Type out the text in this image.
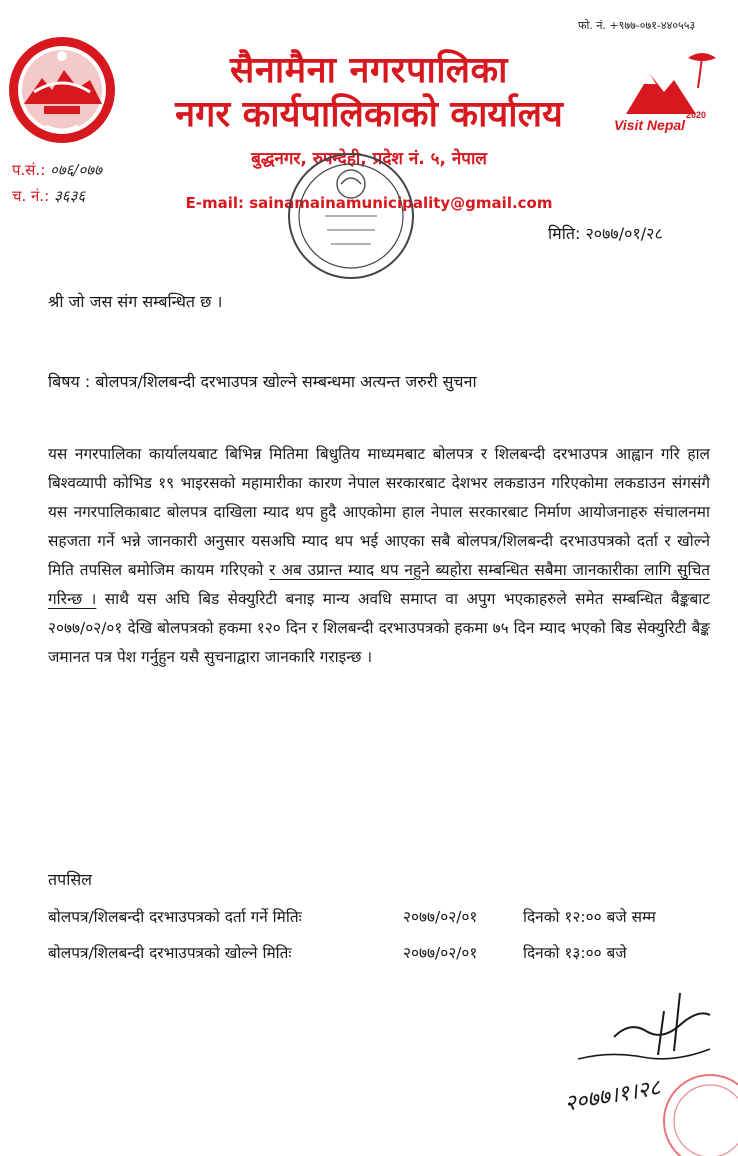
फो. नं. +९७७-०७१-४४०५५३
Visit Nepal
2020
सैनामैना नगरपालिका
नगर कार्यपालिकाको कार्यालय
बुद्धनगर, रुपन्देही, प्रदेश नं. ५, नेपाल
E-mail: sainamainamunicipality@gmail.com
प.सं.: ०७६/०७७
च. नं.: ३६३६
मिति: २०७७/०१/२८
श्री जो जस संग सम्बन्धित छ ।
बिषय : बोलपत्र/शिलबन्दी दरभाउपत्र खोल्ने सम्बन्धमा अत्यन्त जरुरी सुचना
यस नगरपालिका कार्यालयबाट बिभिन्न मितिमा बिधुतिय माध्यमबाट बोलपत्र र शिलबन्दी दरभाउपत्र आह्वान गरि हाल बिश्वव्यापी कोभिड १९ भाइरसको महामारीका कारण नेपाल सरकारबाट देशभर लकडाउन गरिएकोमा लकडाउन संगसंगै यस नगरपालिकाबाट बोलपत्र दाखिला म्याद थप हुदै आएकोमा हाल नेपाल सरकारबाट निर्माण आयोजनाहरु संचालनमा सहजता गर्ने भन्ने जानकारी अनुसार यसअघि म्याद थप भई आएका सबै बोलपत्र/शिलबन्दी दरभाउपत्रको दर्ता र खोल्ने मिति तपसिल बमोजिम कायम गरिएको र अब उप्रान्त म्याद थप नहुने ब्यहोरा सम्बन्धित सबैमा जानकारीका लागि सुचित गरिन्छ । साथै यस अघि बिड सेक्युरिटी बनाइ मान्य अवधि समाप्त वा अपुग भएकाहरुले समेत सम्बन्धित बैङ्कबाट २०७७/०२/०१ देखि बोलपत्रको हकमा १२० दिन र शिलबन्दी दरभाउपत्रको हकमा ७५ दिन म्याद भएको बिड सेक्युरिटी बैङ्क जमानत पत्र पेश गर्नुहुन यसै सुचनाद्वारा जानकारि गराइन्छ ।
तपसिल
बोलपत्र/शिलबन्दी दरभाउपत्रको दर्ता गर्ने मितिः	२०७७/०२/०१	दिनको १२:०० बजे सम्म
बोलपत्र/शिलबन्दी दरभाउपत्रको खोल्ने मितिः	२०७७/०२/०१	दिनको १३:०० बजे
२०७७।१।२८
